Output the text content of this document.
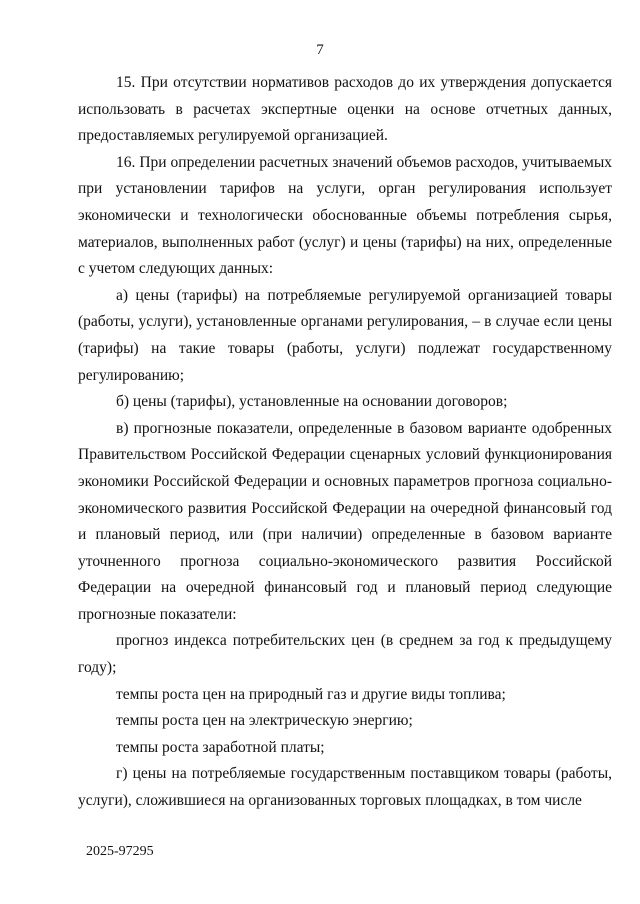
7

15. При отсутствии нормативов расходов до их утверждения допускается использовать в расчетах экспертные оценки на основе отчетных данных, предоставляемых регулируемой организацией.

16. При определении расчетных значений объемов расходов, учитываемых при установлении тарифов на услуги, орган регулирования использует экономически и технологически обоснованные объемы потребления сырья, материалов, выполненных работ (услуг) и цены (тарифы) на них, определенные с учетом следующих данных:

а) цены (тарифы) на потребляемые регулируемой организацией товары (работы, услуги), установленные органами регулирования, – в случае если цены (тарифы) на такие товары (работы, услуги) подлежат государственному регулированию;

б) цены (тарифы), установленные на основании договоров;

в) прогнозные показатели, определенные в базовом варианте одобренных Правительством Российской Федерации сценарных условий функционирования экономики Российской Федерации и основных параметров прогноза социально-экономического развития Российской Федерации на очередной финансовый год и плановый период, или (при наличии) определенные в базовом варианте уточненного прогноза социально-экономического развития Российской Федерации на очередной финансовый год и плановый период следующие прогнозные показатели:

прогноз индекса потребительских цен (в среднем за год к предыдущему году);

темпы роста цен на природный газ и другие виды топлива;

темпы роста цен на электрическую энергию;

темпы роста заработной платы;

г) цены на потребляемые государственным поставщиком товары (работы, услуги), сложившиеся на организованных торговых площадках, в том числе

2025-97295
